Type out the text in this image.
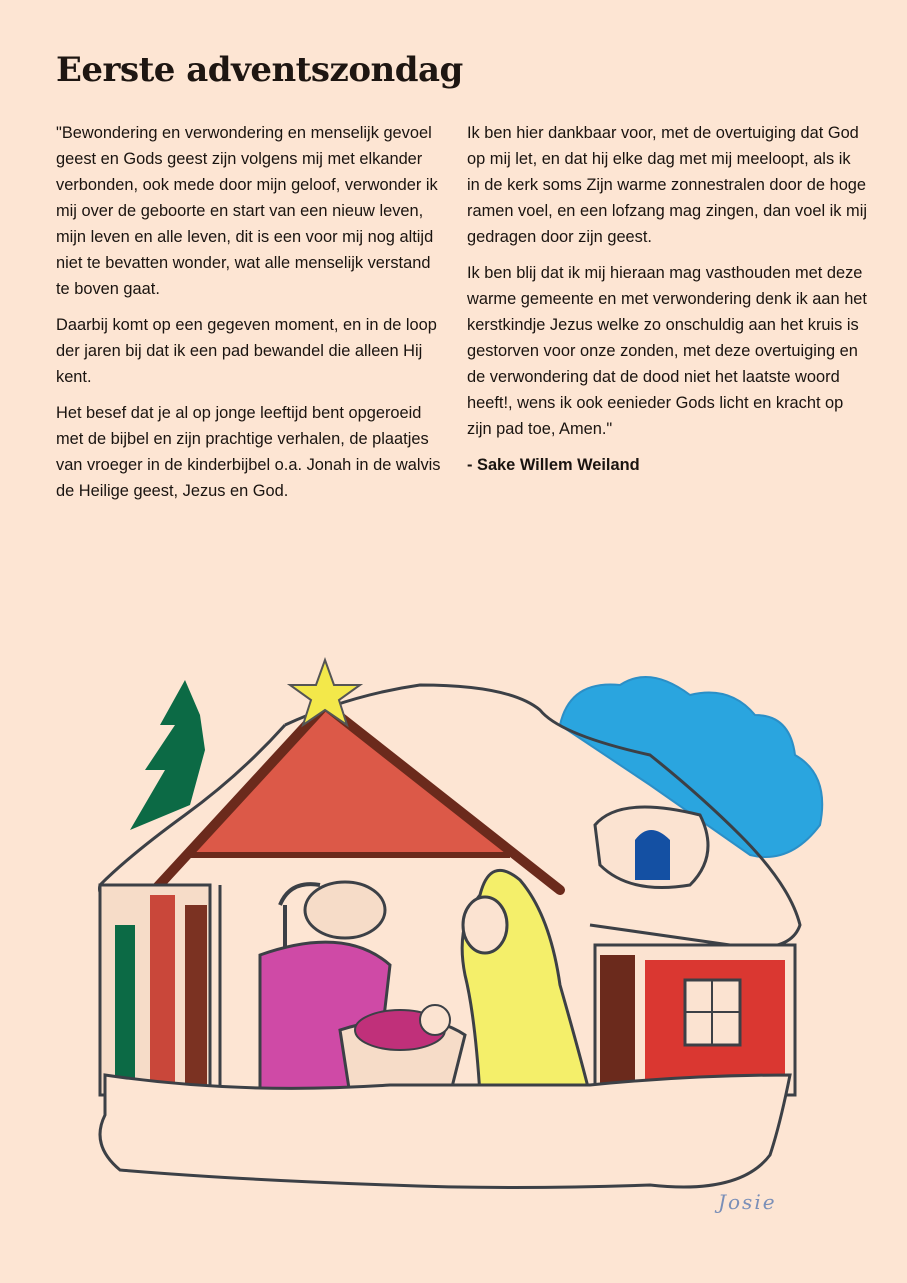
Eerste adventszondag

"Bewondering en verwondering en menselijk gevoel geest en Gods geest zijn volgens mij met elkander verbonden, ook mede door mijn geloof, verwonder ik mij over de geboorte en start van een nieuw leven, mijn leven en alle leven, dit is een voor mij nog altijd niet te bevatten wonder, wat alle menselijk verstand te boven gaat.

Daarbij komt op een gegeven moment, en in de loop der jaren bij dat ik een pad bewandel die alleen Hij kent.

Het besef dat je al op jonge leeftijd bent opgeroeid met de bijbel en zijn prachtige verhalen, de plaatjes van vroeger in de kinderbijbel o.a. Jonah in de walvis de Heilige geest, Jezus en God.

Ik ben hier dankbaar voor, met de overtuiging dat God op mij let, en dat hij elke dag met mij meeloopt, als ik in de kerk soms Zijn warme zonnestralen door de hoge ramen voel, en een lofzang mag zingen, dan voel ik mij gedragen door zijn geest.

Ik ben blij dat ik mij hieraan mag vasthouden met deze warme gemeente en met verwondering denk ik aan het kerstkindje Jezus welke zo onschuldig aan het kruis is gestorven voor onze zonden, met deze overtuiging en de verwondering dat de dood niet het laatste woord heeft!, wens ik ook eenieder Gods licht en kracht op zijn pad toe, Amen."

- Sake Willem Weiland

Josie
